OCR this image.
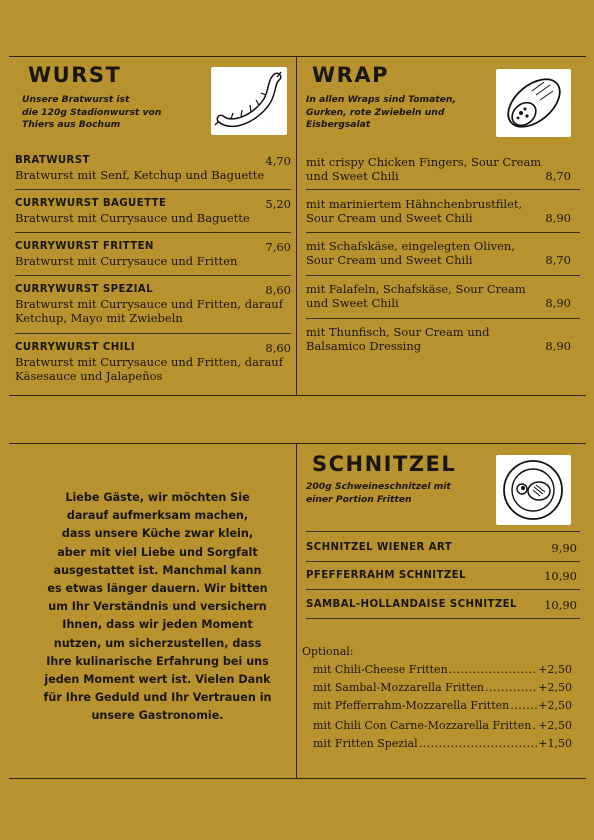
WURST
Unsere Bratwurst ist
die 120g Stadionwurst von
Thiers aus Bochum
BRATWURST	4,70
Bratwurst mit Senf, Ketchup und Baguette
CURRYWURST BAGUETTE	5,20
Bratwurst mit Currysauce und Baguette
CURRYWURST FRITTEN	7,60
Bratwurst mit Currysauce und Fritten
CURRYWURST SPEZIAL	8,60
Bratwurst mit Currysauce und Fritten, darauf
Ketchup, Mayo mit Zwiebeln
CURRYWURST CHILI	8,60
Bratwurst mit Currysauce und Fritten, darauf
Käsesauce und Jalapeños
WRAP
In allen Wraps sind Tomaten,
Gurken, rote Zwiebeln und
Eisbergsalat
mit crispy Chicken Fingers, Sour Cream
und Sweet Chili	8,70
mit mariniertem Hähnchenbrustfilet,
Sour Cream und Sweet Chili	8,90
mit Schafskäse, eingelegten Oliven,
Sour Cream und Sweet Chili	8,70
mit Falafeln, Schafskäse, Sour Cream
und Sweet Chili	8,90
mit Thunfisch, Sour Cream und
Balsamico Dressing	8,90
Liebe Gäste, wir möchten Sie
darauf aufmerksam machen,
dass unsere Küche zwar klein,
aber mit viel Liebe und Sorgfalt
ausgestattet ist. Manchmal kann
es etwas länger dauern. Wir bitten
um Ihr Verständnis und versichern
Ihnen, dass wir jeden Moment
nutzen, um sicherzustellen, dass
Ihre kulinarische Erfahrung bei uns
jeden Moment wert ist. Vielen Dank
für Ihre Geduld und Ihr Vertrauen in
unsere Gastronomie.
SCHNITZEL
200g Schweineschnitzel mit
einer Portion Fritten
SCHNITZEL WIENER ART	9,90
PFEFFERRAHM SCHNITZEL	10,90
SAMBAL-HOLLANDAISE SCHNITZEL 10,90
Optional:
mit Chili-Cheese Fritten .....	+2,50
mit Sambal-Mozzarella Fritten .....	+2,50
mit Pfefferrahm-Mozzarella Fritten .....	+2,50
mit Chili Con Carne-Mozzarella Fritten ..... +2,50
mit Fritten Spezial .....	+1,50
